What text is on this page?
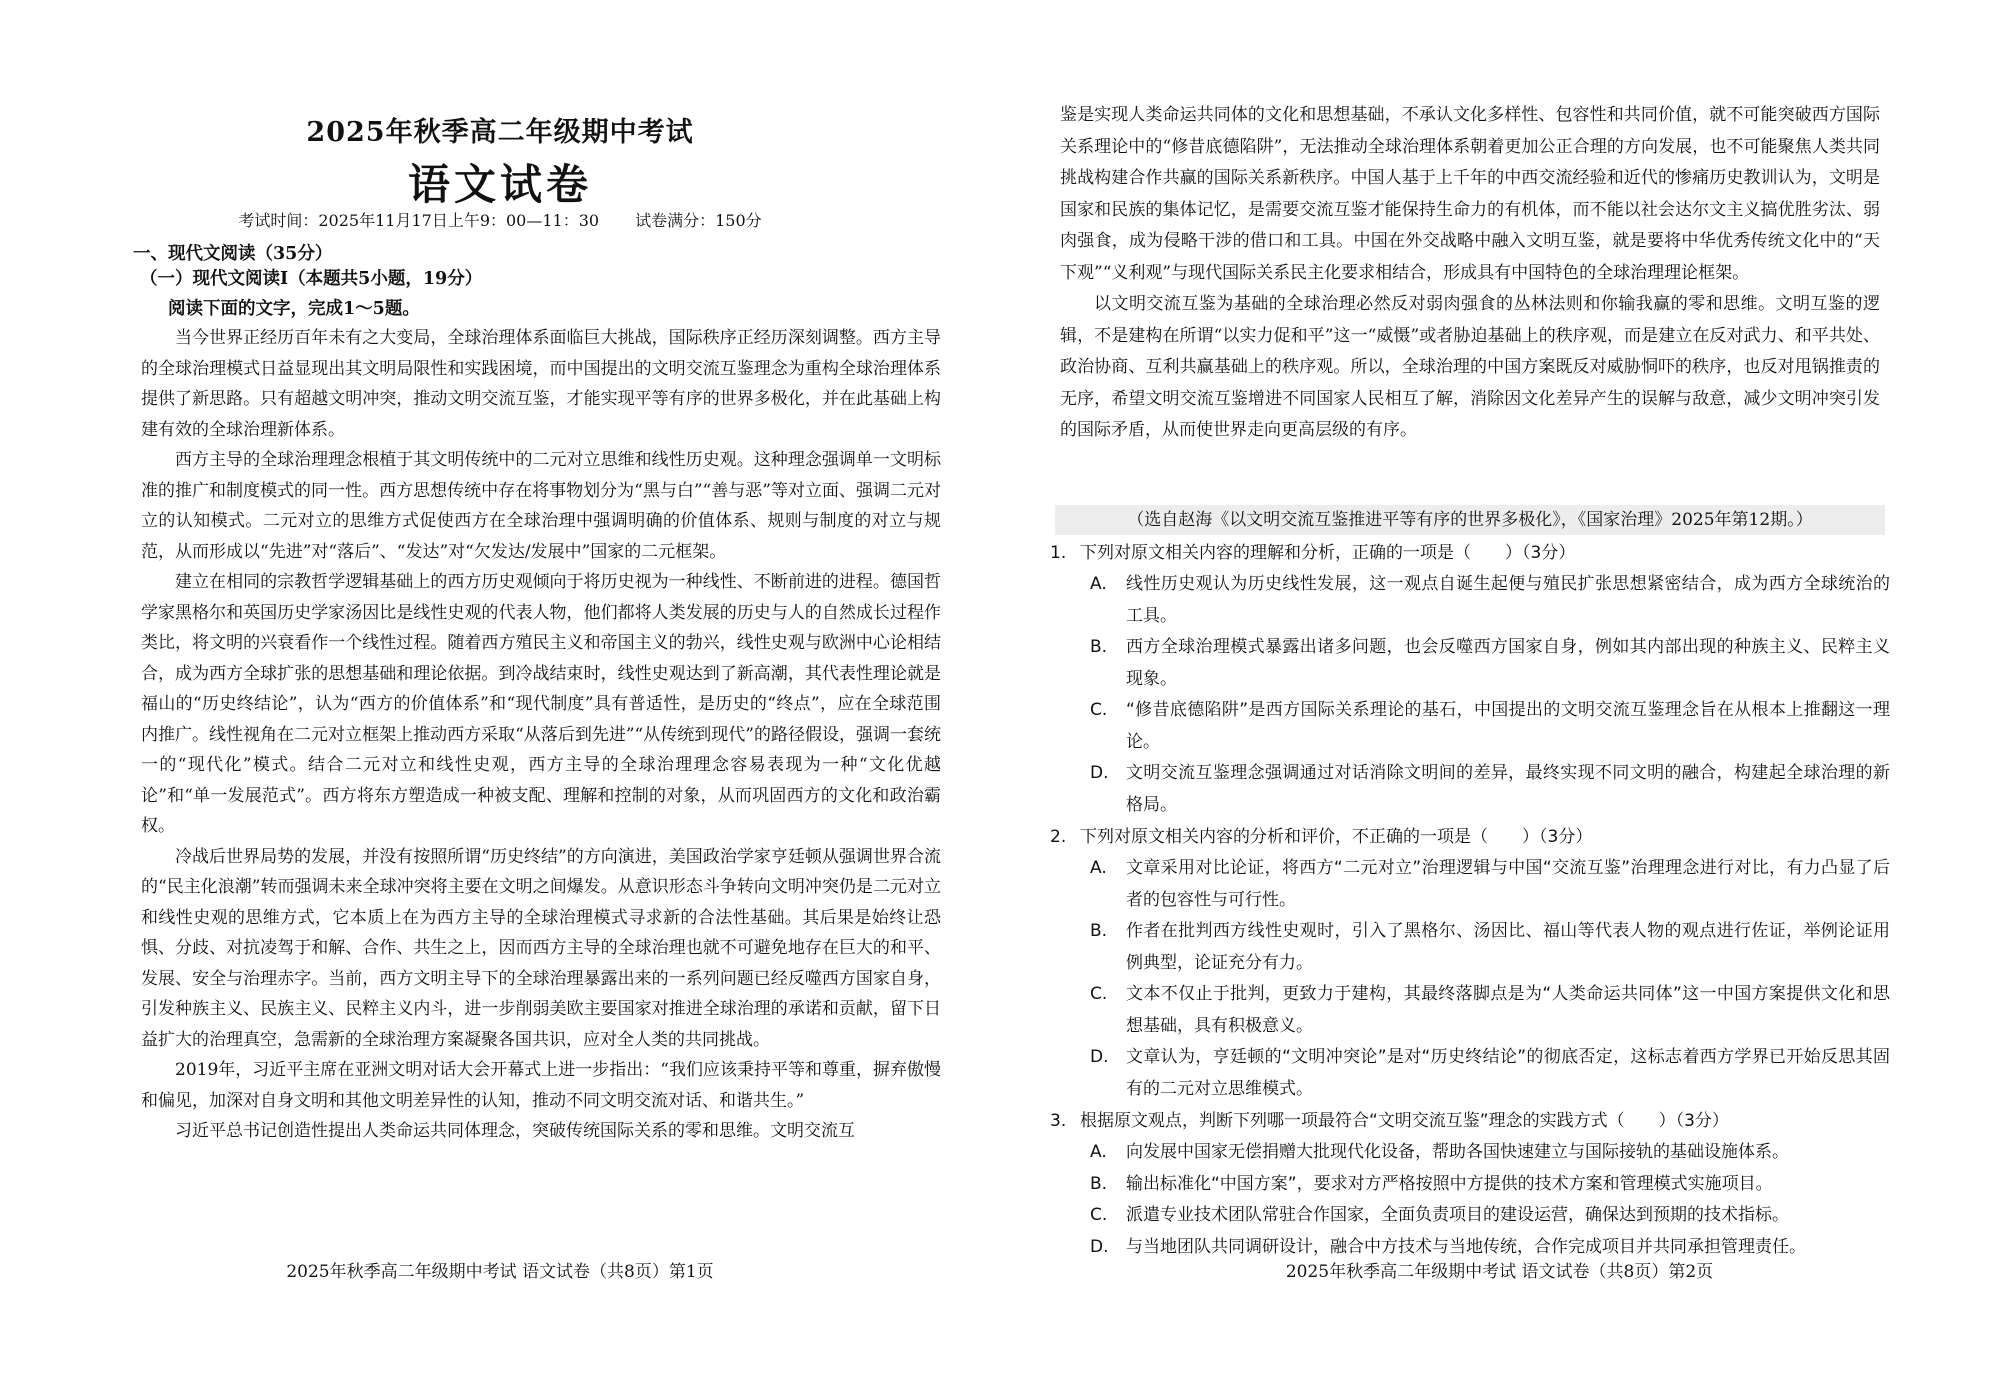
2025年秋季高二年级期中考试
语文试卷
考试时间：2025年11月17日上午9：00—11：30 试卷满分：150分
一、现代文阅读（35分）
（一）现代文阅读Ⅰ（本题共5小题，19分）
阅读下面的文字，完成1～5题。

当今世界正经历百年未有之大变局，全球治理体系面临巨大挑战，国际秩序正经历深刻调整。西方主导的全球治理模式日益显现出其文明局限性和实践困境，而中国提出的文明交流互鉴理念为重构全球治理体系提供了新思路。只有超越文明冲突，推动文明交流互鉴，才能实现平等有序的世界多极化，并在此基础上构建有效的全球治理新体系。

西方主导的全球治理理念根植于其文明传统中的二元对立思维和线性历史观。这种理念强调单一文明标准的推广和制度模式的同一性。西方思想传统中存在将事物划分为“黑与白”“善与恶”等对立面、强调二元对立的认知模式。二元对立的思维方式促使西方在全球治理中强调明确的价值体系、规则与制度的对立与规范，从而形成以“先进”对“落后”、“发达”对“欠发达/发展中”国家的二元框架。

建立在相同的宗教哲学逻辑基础上的西方历史观倾向于将历史视为一种线性、不断前进的进程。德国哲学家黑格尔和英国历史学家汤因比是线性史观的代表人物，他们都将人类发展的历史与人的自然成长过程作类比，将文明的兴衰看作一个线性过程。随着西方殖民主义和帝国主义的勃兴，线性史观与欧洲中心论相结合，成为西方全球扩张的思想基础和理论依据。到冷战结束时，线性史观达到了新高潮，其代表性理论就是福山的“历史终结论”，认为“西方的价值体系”和“现代制度”具有普适性，是历史的“终点”，应在全球范围内推广。线性视角在二元对立框架上推动西方采取“从落后到先进”“从传统到现代”的路径假设，强调一套统一的“现代化”模式。结合二元对立和线性史观，西方主导的全球治理理念容易表现为一种“文化优越论”和“单一发展范式”。西方将东方塑造成一种被支配、理解和控制的对象，从而巩固西方的文化和政治霸权。

冷战后世界局势的发展，并没有按照所谓“历史终结”的方向演进，美国政治学家亨廷顿从强调世界合流的“民主化浪潮”转而强调未来全球冲突将主要在文明之间爆发。从意识形态斗争转向文明冲突仍是二元对立和线性史观的思维方式，它本质上在为西方主导的全球治理模式寻求新的合法性基础。其后果是始终让恐惧、分歧、对抗凌驾于和解、合作、共生之上，因而西方主导的全球治理也就不可避免地存在巨大的和平、发展、安全与治理赤字。当前，西方文明主导下的全球治理暴露出来的一系列问题已经反噬西方国家自身，引发种族主义、民族主义、民粹主义内斗，进一步削弱美欧主要国家对推进全球治理的承诺和贡献，留下日益扩大的治理真空，急需新的全球治理方案凝聚各国共识，应对全人类的共同挑战。

2019年，习近平主席在亚洲文明对话大会开幕式上进一步指出：“我们应该秉持平等和尊重，摒弃傲慢和偏见，加深对自身文明和其他文明差异性的认知，推动不同文明交流对话、和谐共生。”

习近平总书记创造性提出人类命运共同体理念，突破传统国际关系的零和思维。文明交流互

2025年秋季高二年级期中考试 语文试卷（共8页）第1页

鉴是实现人类命运共同体的文化和思想基础，不承认文化多样性、包容性和共同价值，就不可能突破西方国际关系理论中的“修昔底德陷阱”，无法推动全球治理体系朝着更加公正合理的方向发展，也不可能聚焦人类共同挑战构建合作共赢的国际关系新秩序。中国人基于上千年的中西交流经验和近代的惨痛历史教训认为，文明是国家和民族的集体记忆，是需要交流互鉴才能保持生命力的有机体，而不能以社会达尔文主义搞优胜劣汰、弱肉强食，成为侵略干涉的借口和工具。中国在外交战略中融入文明互鉴，就是要将中华优秀传统文化中的“天下观”“义利观”与现代国际关系民主化要求相结合，形成具有中国特色的全球治理理论框架。

以文明交流互鉴为基础的全球治理必然反对弱肉强食的丛林法则和你输我赢的零和思维。文明互鉴的逻辑，不是建构在所谓“以实力促和平”这一“威慑”或者胁迫基础上的秩序观，而是建立在反对武力、和平共处、政治协商、互利共赢基础上的秩序观。所以，全球治理的中国方案既反对威胁恫吓的秩序，也反对甩锅推责的无序，希望文明交流互鉴增进不同国家人民相互了解，消除因文化差异产生的误解与敌意，减少文明冲突引发的国际矛盾，从而使世界走向更高层级的有序。

（选自赵海《以文明交流互鉴推进平等有序的世界多极化》，《国家治理》2025年第12期。）
1. 下列对原文相关内容的理解和分析，正确的一项是（　　）（3分）
A. 线性历史观认为历史线性发展，这一观点自诞生起便与殖民扩张思想紧密结合，成为西方全球统治的工具。
B. 西方全球治理模式暴露出诸多问题，也会反噬西方国家自身，例如其内部出现的种族主义、民粹主义现象。
C. “修昔底德陷阱”是西方国际关系理论的基石，中国提出的文明交流互鉴理念旨在从根本上推翻这一理论。
D. 文明交流互鉴理念强调通过对话消除文明间的差异，最终实现不同文明的融合，构建起全球治理的新格局。
2. 下列对原文相关内容的分析和评价，不正确的一项是（　　）（3分）
A. 文章采用对比论证，将西方“二元对立”治理逻辑与中国“交流互鉴”治理理念进行对比，有力凸显了后者的包容性与可行性。
B. 作者在批判西方线性史观时，引入了黑格尔、汤因比、福山等代表人物的观点进行佐证，举例论证用例典型，论证充分有力。
C. 文本不仅止于批判，更致力于建构，其最终落脚点是为“人类命运共同体”这一中国方案提供文化和思想基础，具有积极意义。
D. 文章认为，亨廷顿的“文明冲突论”是对“历史终结论”的彻底否定，这标志着西方学界已开始反思其固有的二元对立思维模式。
3. 根据原文观点，判断下列哪一项最符合“文明交流互鉴”理念的实践方式（　　）（3分）
A. 向发展中国家无偿捐赠大批现代化设备，帮助各国快速建立与国际接轨的基础设施体系。
B. 输出标准化“中国方案”，要求对方严格按照中方提供的技术方案和管理模式实施项目。
C. 派遣专业技术团队常驻合作国家，全面负责项目的建设运营，确保达到预期的技术指标。
D. 与当地团队共同调研设计，融合中方技术与当地传统，合作完成项目并共同承担管理责任。
2025年秋季高二年级期中考试 语文试卷（共8页）第2页
